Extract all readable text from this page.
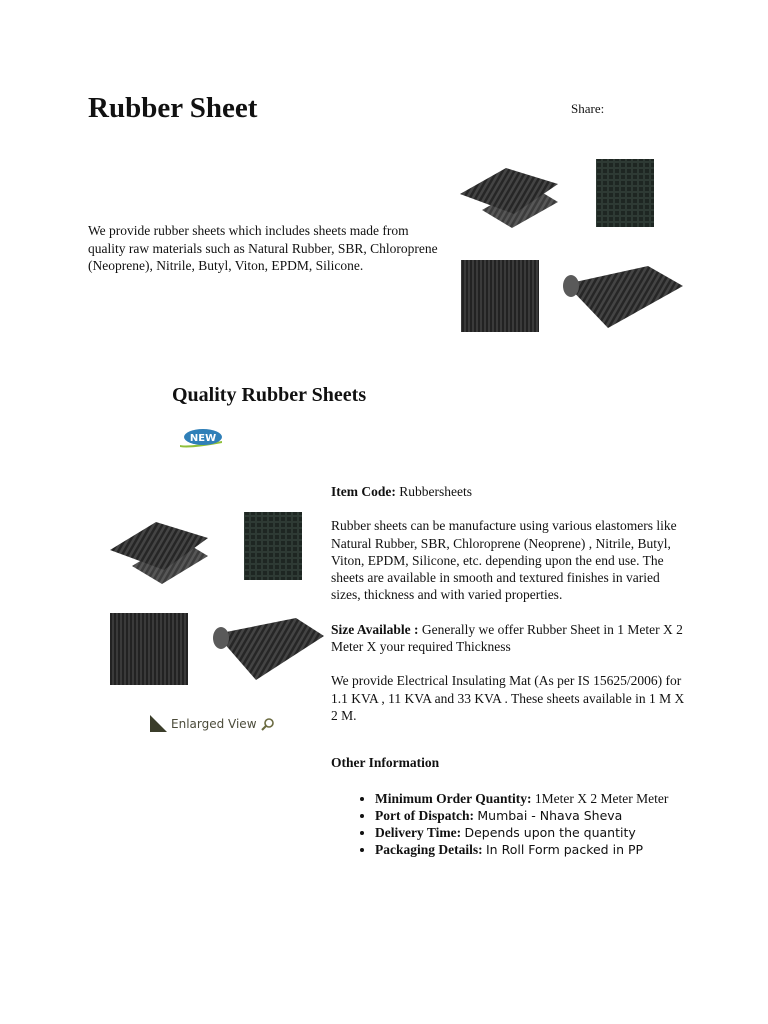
Rubber Sheet	Share:
We provide rubber sheets which includes sheets made from quality raw materials such as Natural Rubber, SBR, Chloroprene (Neoprene), Nitrile, Butyl, Viton, EPDM, Silicone.
Quality Rubber Sheets
NEW
Enlarged View

Item Code: Rubbersheets

Rubber sheets can be manufacture using various elastomers like Natural Rubber, SBR, Chloroprene (Neoprene) , Nitrile, Butyl, Viton, EPDM, Silicone, etc. depending upon the end use. The sheets are available in smooth and textured finishes in varied sizes, thickness and with varied properties.

Size Available : Generally we offer Rubber Sheet in 1 Meter X 2 Meter X your required Thickness

We provide Electrical Insulating Mat (As per IS 15625/2006) for 1.1 KVA , 11 KVA and 33 KVA . These sheets available in 1 M X 2 M.

Other Information

• Minimum Order Quantity: 1Meter X 2 Meter Meter
• Port of Dispatch: Mumbai - Nhava Sheva
• Delivery Time: Depends upon the quantity
• Packaging Details: In Roll Form packed in PP
